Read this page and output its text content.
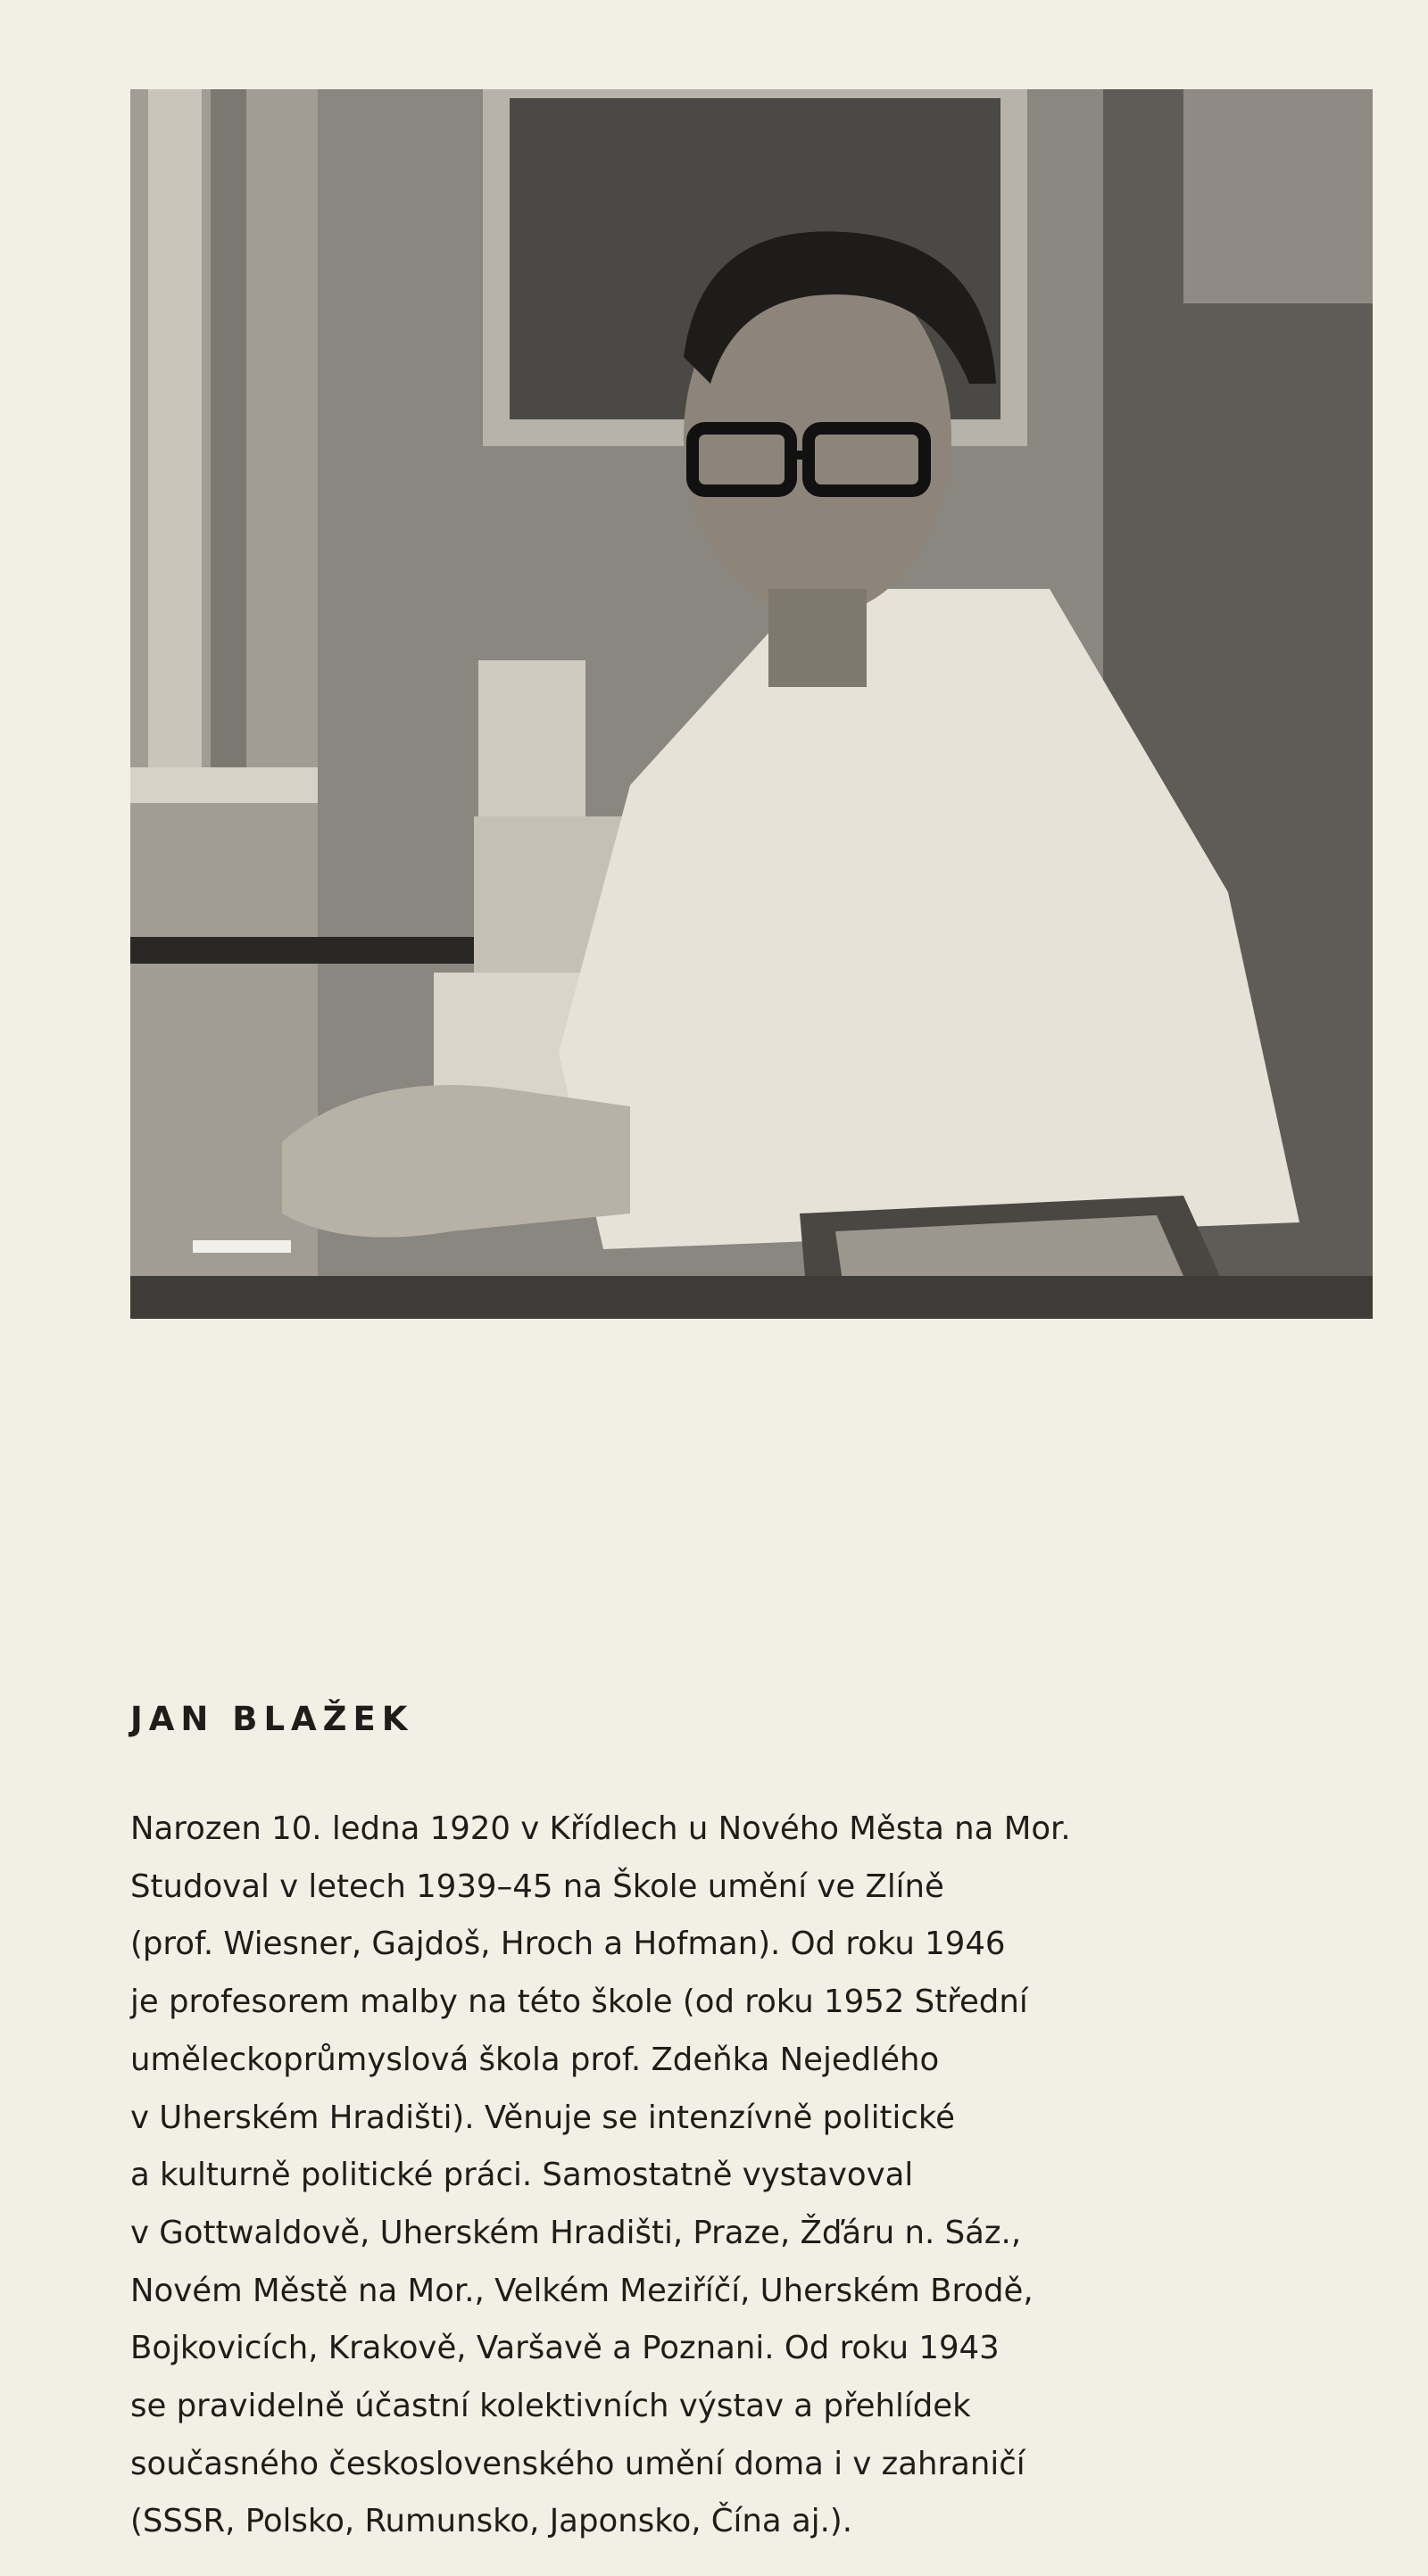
JAN BLAŽEK
Narozen 10. ledna 1920 v Křídlech u Nového Města na Mor.
Studoval v letech 1939–45 na Škole umění ve Zlíně
(prof. Wiesner, Gajdoš, Hroch a Hofman). Od roku 1946
je profesorem malby na této škole (od roku 1952 Střední
uměleckoprůmyslová škola prof. Zdeňka Nejedlého
v Uherském Hradišti). Věnuje se intenzívně politické
a kulturně politické práci. Samostatně vystavoval
v Gottwaldově, Uherském Hradišti, Praze, Žďáru n. Sáz.,
Novém Městě na Mor., Velkém Meziříčí, Uherském Brodě,
Bojkovicích, Krakově, Varšavě a Poznani. Od roku 1943
se pravidelně účastní kolektivních výstav a přehlídek
současného československého umění doma i v zahraničí
(SSSR, Polsko, Rumunsko, Japonsko, Čína aj.).
